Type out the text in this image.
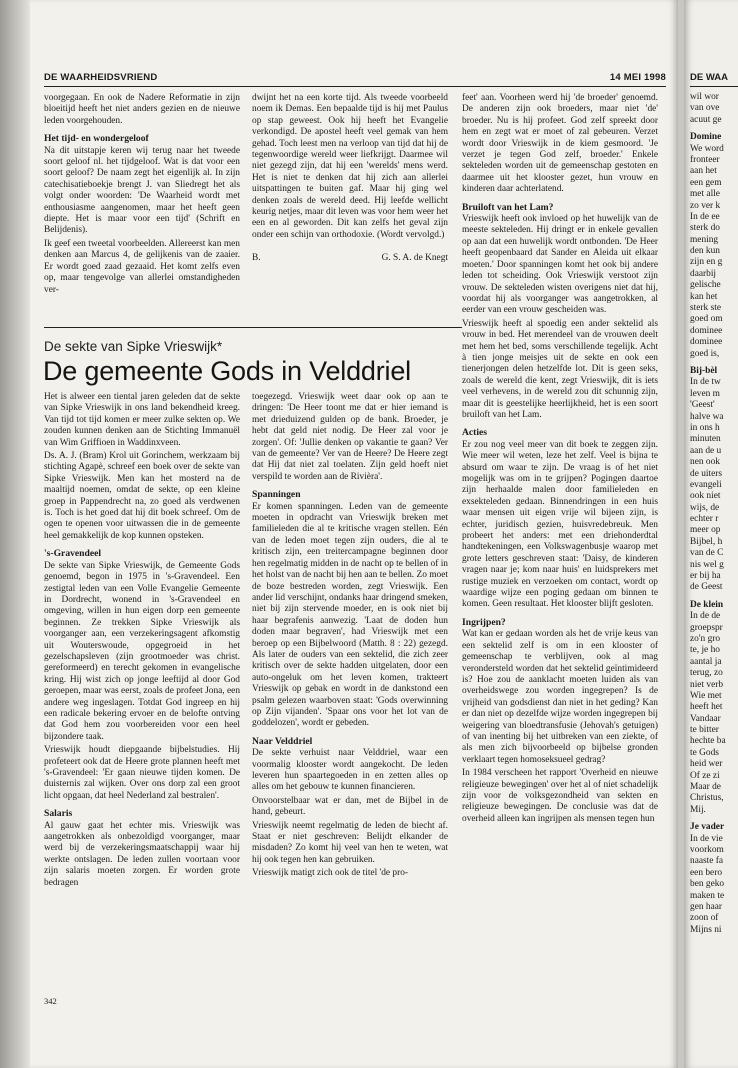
DE WAARHEIDSVRIEND	14 MEI 1998

voorgegaan. En ook de Nadere Reformatie in zijn bloeitijd heeft het niet anders gezien en de nieuwe leden voorgehouden.

Het tijd- en wondergeloof

Na dit uitstapje keren wij terug naar het tweede soort geloof nl. het tijdgeloof. Wat is dat voor een soort geloof? De naam zegt het eigenlijk al. In zijn catechisatieboekje brengt J. van Sliedregt het als volgt onder woorden: 'De Waarheid wordt met enthousiasme aangenomen, maar het heeft geen diepte. Het is maar voor een tijd' (Schrift en Belijdenis).

Ik geef een tweetal voorbeelden. Allereerst kan men denken aan Marcus 4, de gelijkenis van de zaaier. Er wordt goed zaad gezaaid. Het komt zelfs even op, maar tengevolge van allerlei omstandigheden ver-

dwijnt het na een korte tijd. Als tweede voorbeeld noem ik Demas. Een bepaalde tijd is hij met Paulus op stap geweest. Ook hij heeft het Evangelie verkondigd. De apostel heeft veel gemak van hem gehad. Toch leest men na verloop van tijd dat hij de tegenwoordige wereld weer liefkrijgt. Daarmee wil niet gezegd zijn, dat hij een 'werelds' mens werd. Het is niet te denken dat hij zich aan allerlei uitspattingen te buiten gaf. Maar hij ging wel denken zoals de wereld deed. Hij leefde wellicht keurig netjes, maar dit leven was voor hem weer het een en al geworden. Dit kan zelfs het geval zijn onder een schijn van orthodoxie. (Wordt vervolgd.)

B.	G. S. A. de Knegt

feet' aan. Voorheen werd hij 'de broeder' genoemd. De anderen zijn ook broeders, maar niet 'de' broeder. Nu is hij profeet. God zelf spreekt door hem en zegt wat er moet of zal gebeuren. Verzet wordt door Vrieswijk in de kiem gesmoord. 'Je verzet je tegen God zelf, broeder.' Enkele sekteleden worden uit de gemeenschap gestoten en daarmee uit het klooster gezet, hun vrouw en kinderen daar achterlatend.

Bruiloft van het Lam?

Vrieswijk heeft ook invloed op het huwelijk van de meeste sekteleden. Hij dringt er in enkele gevallen op aan dat een huwelijk wordt ontbonden. 'De Heer heeft geopenbaard dat Sander en Aleida uit elkaar moeten.' Door spanningen komt het ook bij andere leden tot scheiding. Ook Vrieswijk verstoot zijn vrouw. De sekteleden wisten overigens niet dat hij, voordat hij als voorganger was aangetrokken, al eerder van een vrouw gescheiden was.

Vrieswijk heeft al spoedig een ander sektelid als vrouw in bed. Het merendeel van de vrouwen deelt met hem het bed, soms verschillende tegelijk. Acht à tien jonge meisjes uit de sekte en ook een tienerjongen delen hetzelfde lot. Dit is geen seks, zoals de wereld die kent, zegt Vrieswijk, dit is iets veel verhevens, in de wereld zou dit schunnig zijn, maar dit is geestelijke heerlijkheid, het is een soort bruiloft van het Lam.

Acties

Er zou nog veel meer van dit boek te zeggen zijn. Wie meer wil weten, leze het zelf. Veel is bijna te absurd om waar te zijn. De vraag is of het niet mogelijk was om in te grijpen? Pogingen daartoe zijn herhaalde malen door familieleden en exsekteleden gedaan. Binnendringen in een huis waar mensen uit eigen vrije wil bijeen zijn, is echter, juridisch gezien, huisvredebreuk. Men probeert het anders: met een driehonderdtal handtekeningen, een Volkswagenbusje waarop met grote letters geschreven staat: 'Daisy, de kinderen vragen naar je; kom naar huis' en luidsprekers met rustige muziek en verzoeken om contact, wordt op waardige wijze een poging gedaan om binnen te komen. Geen resultaat. Het klooster blijft gesloten.

Ingrijpen?

Wat kan er gedaan worden als het de vrije keus van een sektelid zelf is om in een klooster of gemeenschap te verblijven, ook al mag verondersteld worden dat het sektelid geïntimideerd is? Hoe zou de aanklacht moeten luiden als van overheidswege zou worden ingegrepen? Is de vrijheid van godsdienst dan niet in het geding? Kan er dan niet op dezelfde wijze worden ingegrepen bij weigering van bloedtransfusie (Jehovah's getuigen) of van inenting bij het uitbreken van een ziekte, of als men zich bijvoorbeeld op bijbelse gronden verklaart tegen homoseksueel gedrag?

In 1984 verscheen het rapport 'Overheid en nieuwe religieuze bewegingen' over het al of niet schadelijk zijn voor de volksgezondheid van sekten en religieuze bewegingen. De conclusie was dat de overheid alleen kan ingrijpen als mensen tegen hun

De sekte van Sipke Vrieswijk*
De gemeente Gods in Velddriel

Het is alweer een tiental jaren geleden dat de sekte van Sipke Vrieswijk in ons land bekendheid kreeg. Van tijd tot tijd komen er meer zulke sekten op. We zouden kunnen denken aan de Stichting Immanuël van Wim Griffioen in Waddinxveen.

Ds. A. J. (Bram) Krol uit Gorinchem, werkzaam bij stichting Agapè, schreef een boek over de sekte van Sipke Vrieswijk. Men kan het mosterd na de maaltijd noemen, omdat de sekte, op een kleine groep in Pappendrecht na, zo goed als verdwenen is. Toch is het goed dat hij dit boek schreef. Om de ogen te openen voor uitwassen die in de gemeente heel gemakkelijk de kop kunnen opsteken.

's-Gravendeel

De sekte van Sipke Vrieswijk, de Gemeente Gods genoemd, begon in 1975 in 's-Gravendeel. Een zestigtal leden van een Volle Evangelie Gemeente in Dordrecht, wonend in 's-Gravendeel en omgeving, willen in hun eigen dorp een gemeente beginnen. Ze trekken Sipke Vrieswijk als voorganger aan, een verzekeringsagent afkomstig uit Wouterswoude, opgegroeid in het gezelschapsleven (zijn grootmoeder was christ. gereformeerd) en terecht gekomen in evangelische kring. Hij wist zich op jonge leeftijd al door God geroepen, maar was eerst, zoals de profeet Jona, een andere weg ingeslagen. Totdat God ingreep en hij een radicale bekering ervoer en de belofte ontving dat God hem zou voorbereiden voor een heel bijzondere taak.

Vrieswijk houdt diepgaande bijbelstudies. Hij profeteert ook dat de Heere grote plannen heeft met 's-Gravendeel: 'Er gaan nieuwe tijden komen. De duisternis zal wijken. Over ons dorp zal een groot licht opgaan, dat heel Nederland zal bestralen'.

Salaris

Al gauw gaat het echter mis. Vrieswijk was aangetrokken als onbezoldigd voorganger, maar werd bij de verzekeringsmaatschappij waar hij werkte ontslagen. De leden zullen voortaan voor zijn salaris moeten zorgen. Er worden grote bedragen

toegezegd. Vrieswijk weet daar ook op aan te dringen: 'De Heer toont me dat er hier iemand is met drieduizend gulden op de bank. Broeder, je hebt dat geld niet nodig. De Heer zal voor je zorgen'. Of: 'Jullie denken op vakantie te gaan? Ver van de gemeente? Ver van de Heere? De Heere zegt dat Hij dat niet zal toelaten. Zijn geld hoeft niet verspild te worden aan de Rivièra'.

Spanningen

Er komen spanningen. Leden van de gemeente moeten in opdracht van Vrieswijk breken met familieleden die al te kritische vragen stellen. Eén van de leden moet tegen zijn ouders, die al te kritisch zijn, een treitercampagne beginnen door hen regelmatig midden in de nacht op te bellen of in het holst van de nacht bij hen aan te bellen. Zo moet de boze bestreden worden, zegt Vrieswijk. Een ander lid verschijnt, ondanks haar dringend smeken, niet bij zijn stervende moeder, en is ook niet bij haar begrafenis aanwezig. 'Laat de doden hun doden maar begraven', had Vrieswijk met een beroep op een Bijbelwoord (Matth. 8 : 22) gezegd. Als later de ouders van een sektelid, die zich zeer kritisch over de sekte hadden uitgelaten, door een auto-ongeluk om het leven komen, trakteert Vrieswijk op gebak en wordt in de dankstond een psalm gelezen waarboven staat: 'Gods overwinning op Zijn vijanden'. 'Spaar ons voor het lot van de goddelozen', wordt er gebeden.

Naar Velddriel

De sekte verhuist naar Velddriel, waar een voormalig klooster wordt aangekocht. De leden leveren hun spaartegoeden in en zetten alles op alles om het gebouw te kunnen financieren.

Onvoorstelbaar wat er dan, met de Bijbel in de hand, gebeurt.

Vrieswijk neemt regelmatig de leden de biecht af. Staat er niet geschreven: Belijdt elkander de misdaden? Zo komt hij veel van hen te weten, wat hij ook tegen hen kan gebruiken.

Vrieswijk matigt zich ook de titel 'de pro-

342
DE WAA
wil wor
van ove
acuut ge
Domine
We word
fronteer
aan het
een gem
met alle
zo ver k
In de ee
sterk do
mening
den kun
zijn en g
daarbij
gelische
kan het
sterk ste
goed om
dominee
dominee
goed is,
Bij-bèl
In de tw
leven m
'Geest'
halve wa
in ons h
minuten
aan de u
nen ook
de uiters
evangeli
ook niet
wijs, de
echter r
meer op
Bijbel, h
van de C
nis wel g
er bij ha
de Geest
De klein
In de de
groepspr
zo'n gro
te, je ho
aantal ja
terug, zo
niet verb
Wie met
heeft het
Vandaar
te bitter
hechte ba
te Gods
heid wer
Of ze zi
Maar de
Christus,
Mij.
Je vader
In de vie
voorkom
naaste fa
een bero
ben geko
maken te
gen haar
zoon of
Mijns ni
